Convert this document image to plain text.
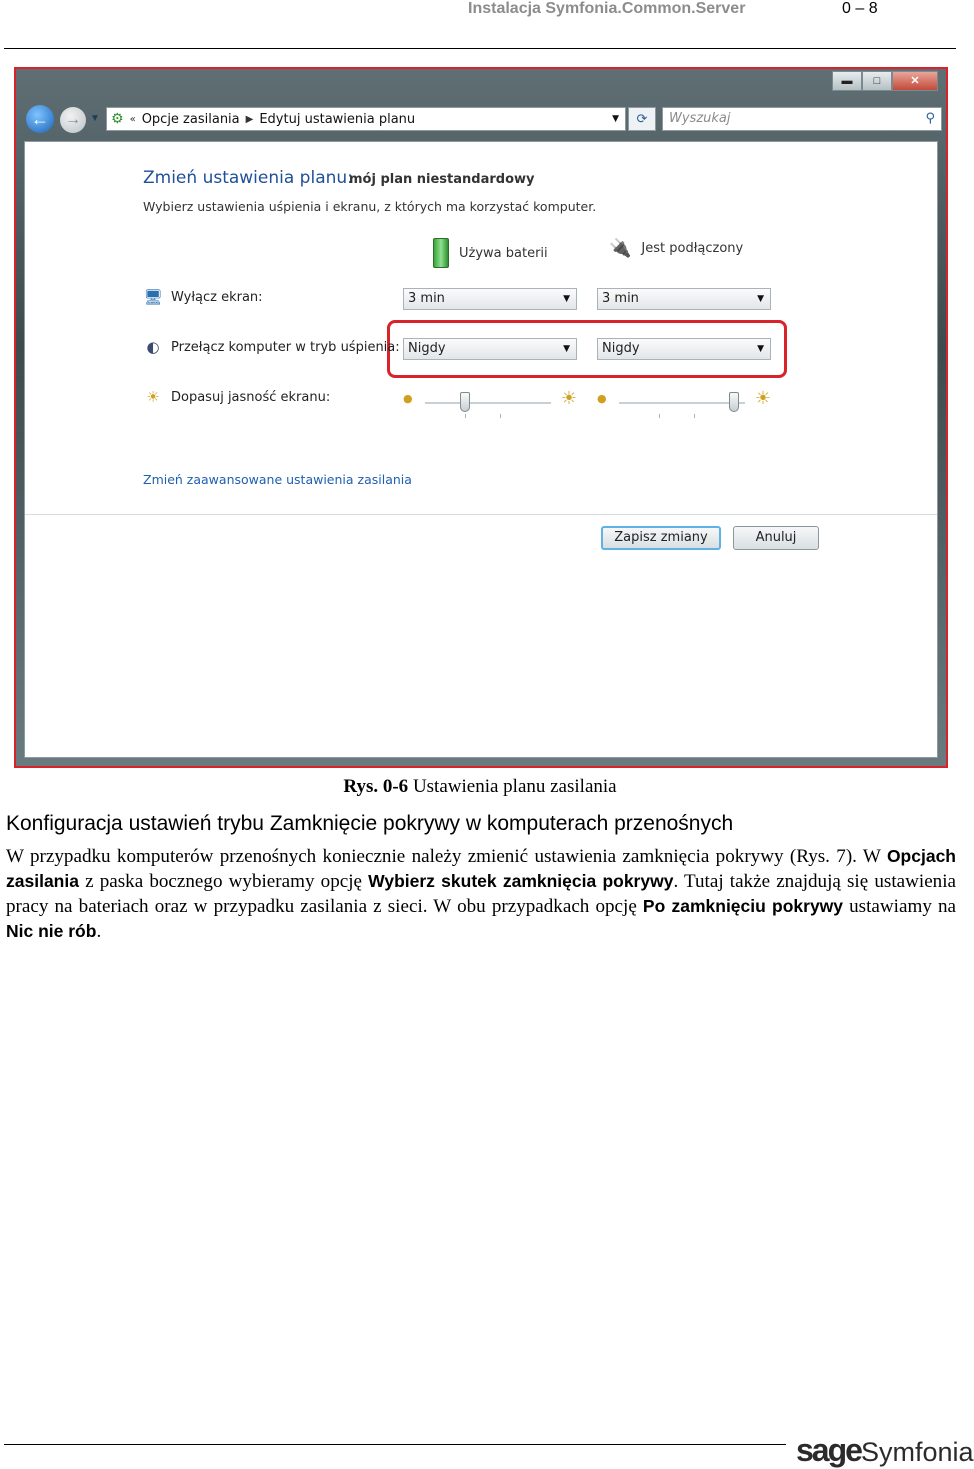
Instalacja Symfonia.Common.Server	0 – 8
▬	□	✕
←	→ ▼ ⚙ « Opcje zasilania ▶ Edytuj ustawienia planu	▼	⟳	Wyszukaj	⚲
Zmień ustawienia planu:
mój plan niestandardowy
Wybierz ustawienia uśpienia i ekranu, z których ma korzystać komputer.
Używa baterii	🔌 Jest podłączony
🖥 Wyłącz ekran:	3 min	▼	3 min	▼
◐ Przełącz komputer w tryb uśpienia: Nigdy	▼	Nigdy	▼
☀ Dopasuj jasność ekranu:	●	☀ ●	☀
Zmień zaawansowane ustawienia zasilania
Zapisz zmiany	Anuluj
Rys. 0-6 Ustawienia planu zasilania
Konfiguracja ustawień trybu Zamknięcie pokrywy w komputerach przenośnych
W przypadku komputerów przenośnych koniecznie należy zmienić ustawienia zamknięcia pokrywy (Rys. 7). W Opcjach zasilania z paska bocznego wybieramy opcję Wybierz skutek zamknięcia pokrywy. Tutaj także znajdują się ustawienia pracy na bateriach oraz w przypadku zasilania z sieci. W obu przypadkach opcję Po zamknięciu pokrywy ustawiamy na Nic nie rób.
sageSymfonia
